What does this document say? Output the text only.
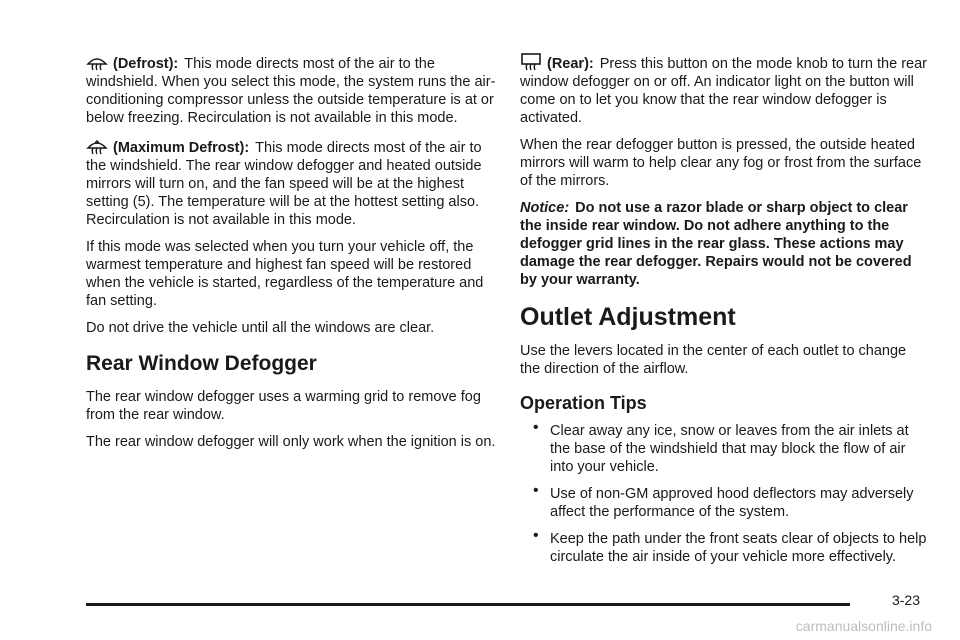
(Defrost): This mode directs most of the air to the windshield. When you select this mode, the system runs the air-conditioning compressor unless the outside temperature is at or below freezing. Recirculation is not available in this mode.

(Maximum Defrost): This mode directs most of the air to the windshield. The rear window defogger and heated outside mirrors will turn on, and the fan speed will be at the highest setting (5). The temperature will be at the hottest setting also. Recirculation is not available in this mode.

If this mode was selected when you turn your vehicle off, the warmest temperature and highest fan speed will be restored when the vehicle is started, regardless of the temperature and fan setting.

Do not drive the vehicle until all the windows are clear.

Rear Window Defogger

The rear window defogger uses a warming grid to remove fog from the rear window.

The rear window defogger will only work when the ignition is on.

(Rear): Press this button on the mode knob to turn the rear window defogger on or off. An indicator light on the button will come on to let you know that the rear window defogger is activated.

When the rear defogger button is pressed, the outside heated mirrors will warm to help clear any fog or frost from the surface of the mirrors.

Notice: Do not use a razor blade or sharp object to clear the inside rear window. Do not adhere anything to the defogger grid lines in the rear glass. These actions may damage the rear defogger. Repairs would not be covered by your warranty.

Outlet Adjustment

Use the levers located in the center of each outlet to change the direction of the airflow.

Operation Tips
• Clear away any ice, snow or leaves from the air inlets at the base of the windshield that may block the flow of air into your vehicle.
• Use of non-GM approved hood deflectors may adversely affect the performance of the system.
• Keep the path under the front seats clear of objects to help circulate the air inside of your vehicle more effectively.
3-23
carmanualsonline.info
